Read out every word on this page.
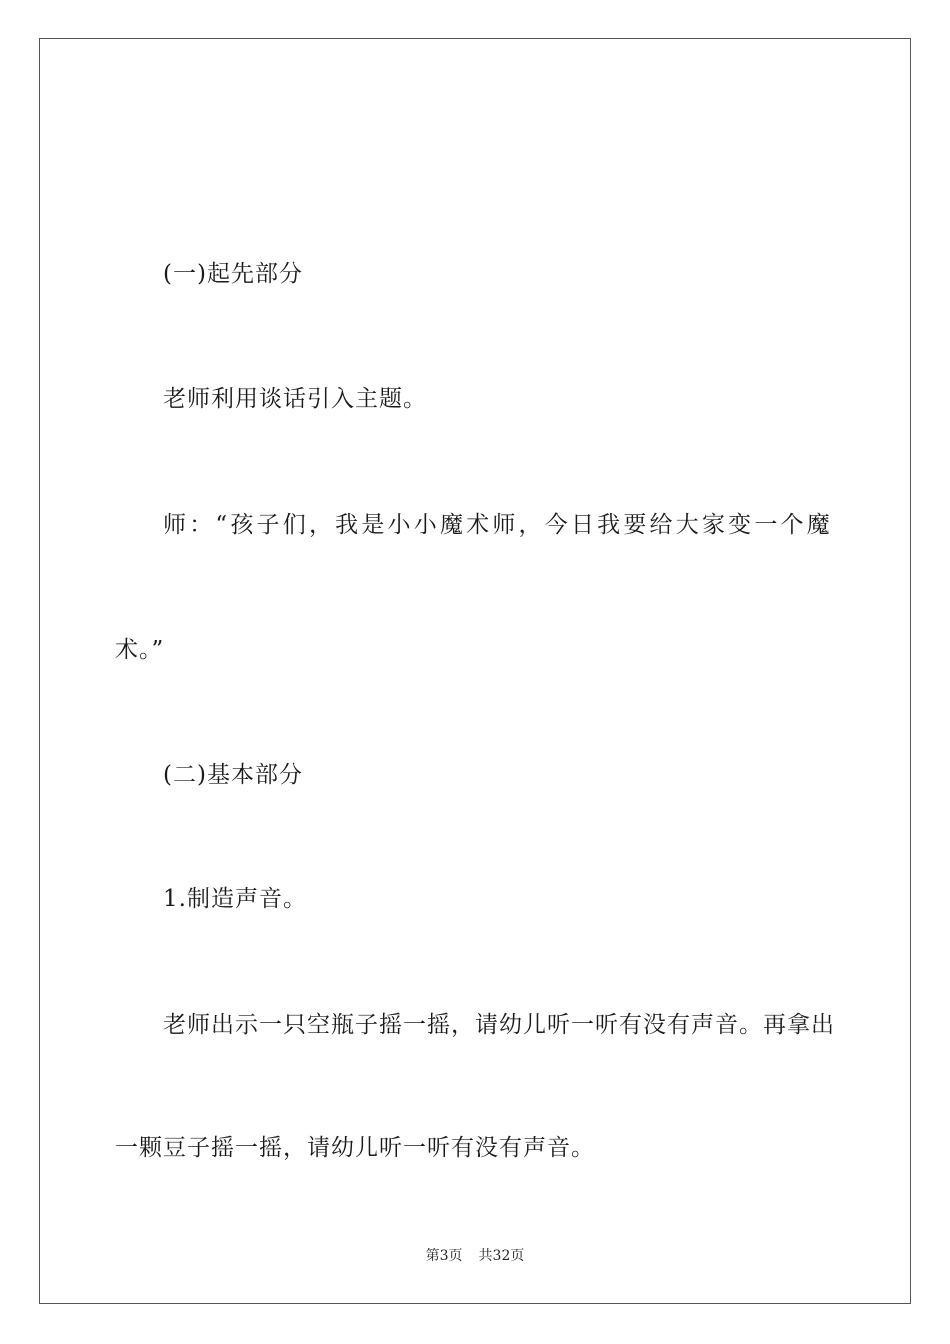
(一)起先部分
老师利用谈话引入主题。
师：“孩子们，我是小小魔术师，今日我要给大家变一个魔
术。”
(二)基本部分
1.制造声音。
老师出示一只空瓶子摇一摇，请幼儿听一听有没有声音。再拿出
一颗豆子摇一摇，请幼儿听一听有没有声音。
第3页 共32页
